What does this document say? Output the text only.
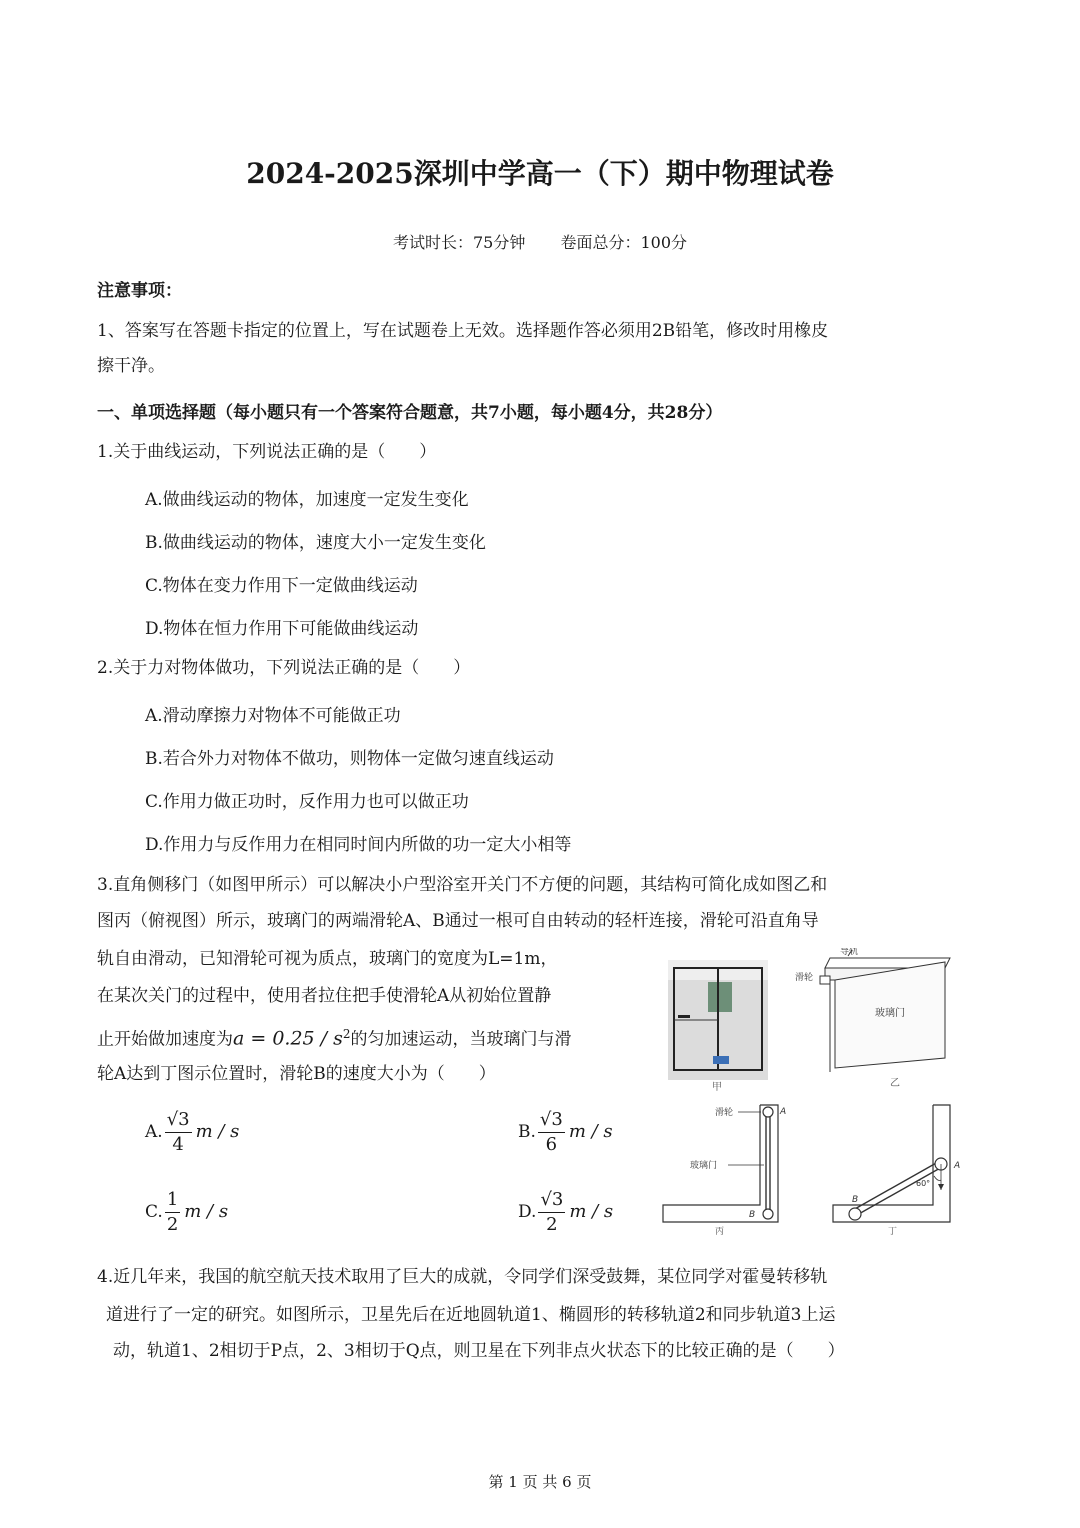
2024-2025深圳中学高一（下）期中物理试卷
考试时长：75分钟 卷面总分：100分
注意事项：
1、答案写在答题卡指定的位置上，写在试题卷上无效。选择题作答必须用2B铅笔，修改时用橡皮
擦干净。
一、单项选择题（每小题只有一个答案符合题意，共7小题，每小题4分，共28分）
1.关于曲线运动，下列说法正确的是（　　）
A.做曲线运动的物体，加速度一定发生变化
B.做曲线运动的物体，速度大小一定发生变化
C.物体在变力作用下一定做曲线运动
D.物体在恒力作用下可能做曲线运动
2.关于力对物体做功，下列说法正确的是（　　）
A.滑动摩擦力对物体不可能做正功
B.若合外力对物体不做功，则物体一定做匀速直线运动
C.作用力做正功时，反作用力也可以做正功
D.作用力与反作用力在相同时间内所做的功一定大小相等
3.直角侧移门（如图甲所示）可以解决小户型浴室开关门不方便的问题，其结构可简化成如图乙和
图丙（俯视图）所示，玻璃门的两端滑轮A、B通过一根可自由转动的轻杆连接，滑轮可沿直角导
轨自由滑动，已知滑轮可视为质点，玻璃门的宽度为L=1m，
在某次关门的过程中，使用者拉住把手使滑轮A从初始位置静
止开始做加速度为$a = 0.25 / s^2$的匀加速运动，当玻璃门与滑
轮A达到丁图示位置时，滑轮B的速度大小为（　　）
A. $\frac{√3}{4}$ m / s	B. $\frac{√3}{6}$ m / s
C. $\frac{1}{2}$ m / s	D. $\frac{√3}{2}$ m / s
甲
导轨
滑轮
玻璃门
乙
A
B
滑轮
玻璃门
丙
60°
A
B
丁
4.近几年来，我国的航空航天技术取用了巨大的成就，令同学们深受鼓舞，某位同学对霍曼转移轨
道进行了一定的研究。如图所示，卫星先后在近地圆轨道1、椭圆形的转移轨道2和同步轨道3上运
动，轨道1、2相切于P点，2、3相切于Q点，则卫星在下列非点火状态下的比较正确的是（　　）
第 1 页 共 6 页
